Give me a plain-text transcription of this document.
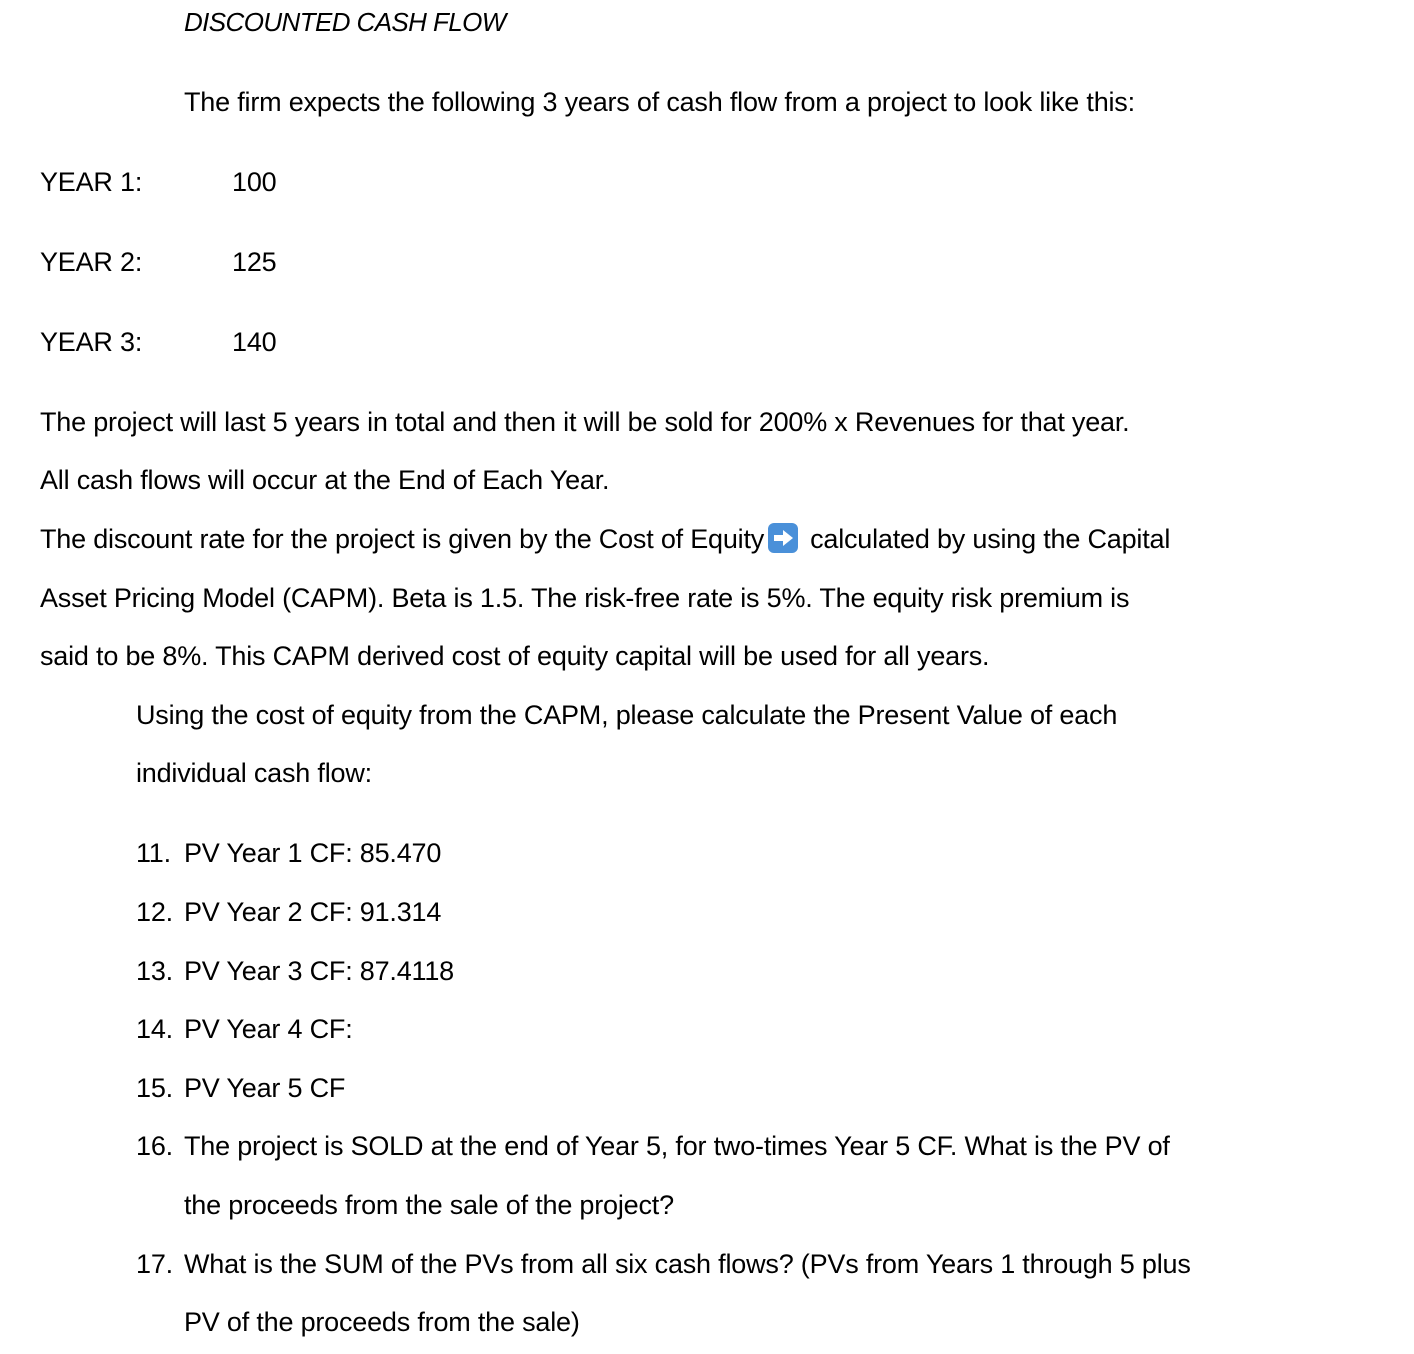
DISCOUNTED CASH FLOW
The firm expects the following 3 years of cash flow from a project to look like this:
YEAR 1:	100
YEAR 2:	125
YEAR 3:	140
The project will last 5 years in total and then it will be sold for 200% x Revenues for that year.
All cash flows will occur at the End of Each Year.
The discount rate for the project is given by the Cost of Equity calculated by using the Capital
Asset Pricing Model (CAPM). Beta is 1.5. The risk-free rate is 5%. The equity risk premium is
said to be 8%. This CAPM derived cost of equity capital will be used for all years.
Using the cost of equity from the CAPM, please calculate the Present Value of each
individual cash flow:
11. PV Year 1 CF: 85.470
12. PV Year 2 CF: 91.314
13. PV Year 3 CF: 87.4118
14. PV Year 4 CF:
15. PV Year 5 CF
16. The project is SOLD at the end of Year 5, for two-times Year 5 CF. What is the PV of
the proceeds from the sale of the project?
17. What is the SUM of the PVs from all six cash flows? (PVs from Years 1 through 5 plus
PV of the proceeds from the sale)
